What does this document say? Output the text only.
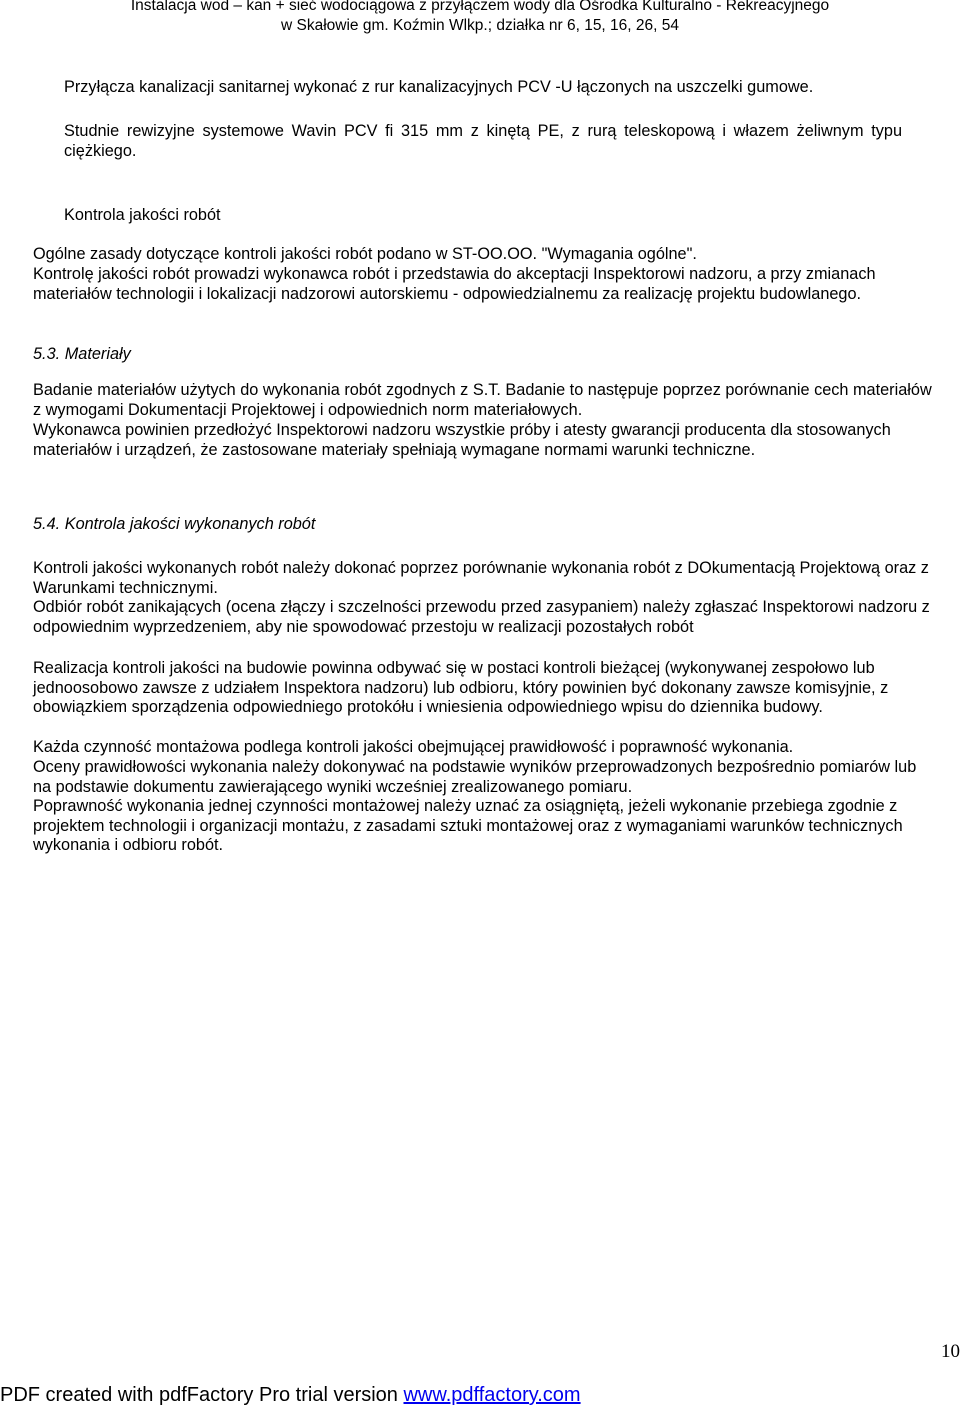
Instalacja wod – kan + sieć wodociągowa z przyłączem wody dla Ośrodka Kulturalno - Rekreacyjnego
w Skałowie gm. Koźmin Wlkp.; działka nr 6, 15, 16, 26, 54

Przyłącza kanalizacji sanitarnej wykonać z rur kanalizacyjnych PCV -U łączonych na uszczelki gumowe.

Studnie rewizyjne systemowe Wavin PCV fi 315 mm z kinętą PE, z rurą teleskopową i włazem żeliwnym typu ciężkiego.

Kontrola jakości robót

Ogólne zasady dotyczące kontroli jakości robót podano w ST-OO.OO. "Wymagania ogólne".

Kontrolę jakości robót prowadzi wykonawca robót i przedstawia do akceptacji Inspektorowi nadzoru, a przy zmianach materiałów technologii i lokalizacji nadzorowi autorskiemu - odpowiedzialnemu za realizację projektu budowlanego.

5.3. Materiały

Badanie materiałów użytych do wykonania robót zgodnych z S.T. Badanie to następuje poprzez porównanie cech materiałów z wymogami Dokumentacji Projektowej i odpowiednich norm materiałowych.

Wykonawca powinien przedłożyć Inspektorowi nadzoru wszystkie próby i atesty gwarancji producenta dla stosowanych materiałów i urządzeń, że zastosowane materiały spełniają wymagane normami warunki techniczne.

5.4. Kontrola jakości wykonanych robót

Kontroli jakości wykonanych robót należy dokonać poprzez porównanie wykonania robót z DOkumentacją Projektową oraz z Warunkami technicznymi.

Odbiór robót zanikających (ocena złączy i szczelności przewodu przed zasypaniem) należy zgłaszać Inspektorowi nadzoru z odpowiednim wyprzedzeniem, aby nie spowodować przestoju w realizacji pozostałych robót

Realizacja kontroli jakości na budowie powinna odbywać się w postaci kontroli bieżącej (wykonywanej zespołowo lub jednoosobowo zawsze z udziałem Inspektora nadzoru) lub odbioru, który powinien być dokonany zawsze komisyjnie, z obowiązkiem sporządzenia odpowiedniego protokółu i wniesienia odpowiedniego wpisu do dziennika budowy.

Każda czynność montażowa podlega kontroli jakości obejmującej prawidłowość i poprawność wykonania.

Oceny prawidłowości wykonania należy dokonywać na podstawie wyników przeprowadzonych bezpośrednio pomiarów lub na podstawie dokumentu zawierającego wyniki wcześniej zrealizowanego pomiaru.

Poprawność wykonania jednej czynności montażowej należy uznać za osiągniętą, jeżeli wykonanie przebiega zgodnie z projektem technologii i organizacji montażu, z zasadami sztuki montażowej oraz z wymaganiami warunków technicznych wykonania i odbioru robót.

10
PDF created with pdfFactory Pro trial version www.pdffactory.com
